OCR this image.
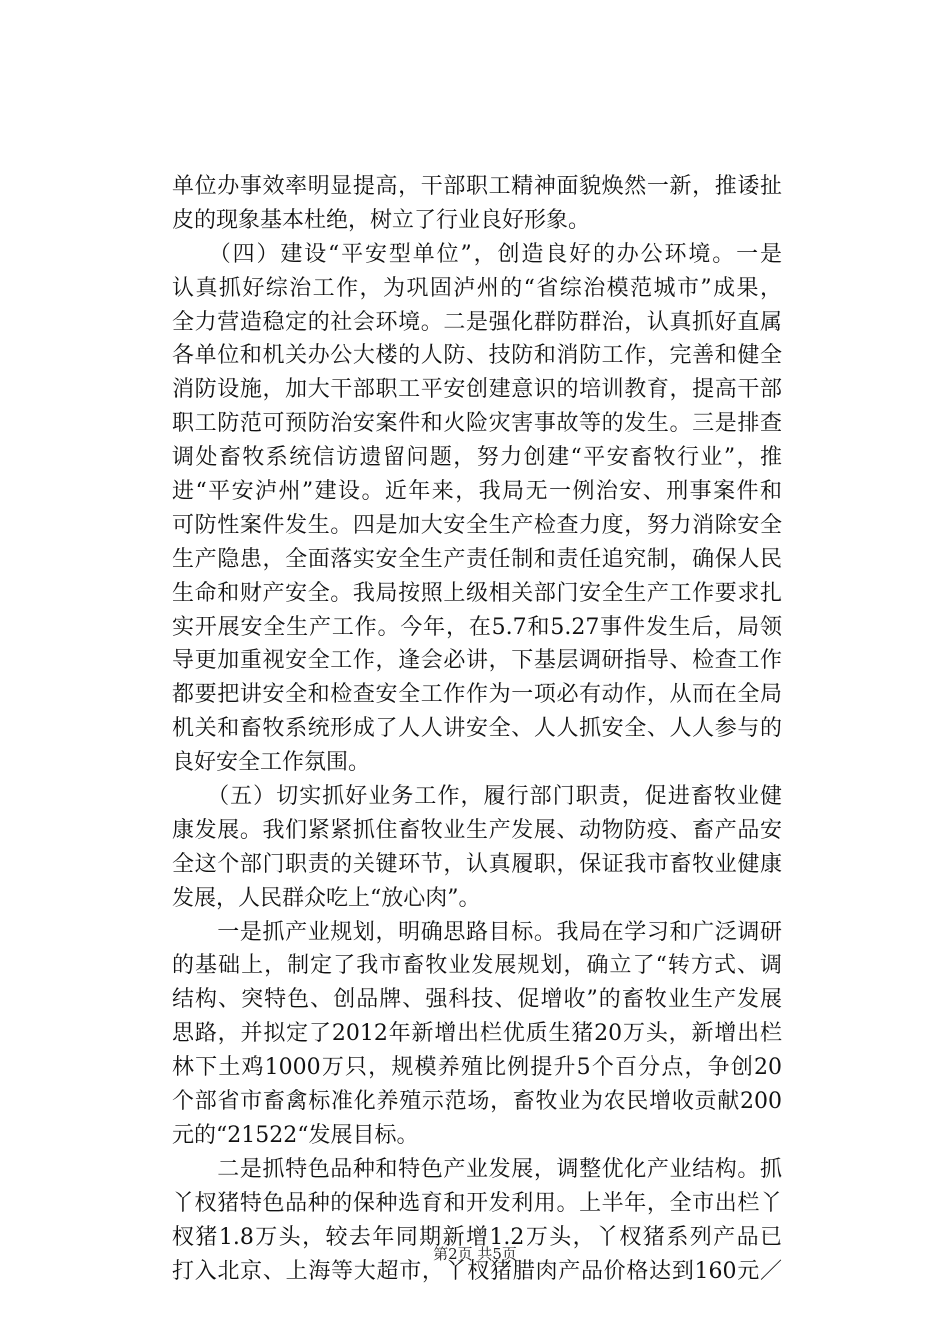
单位办事效率明显提高，干部职工精神面貌焕然一新，推诿扯
皮的现象基本杜绝，树立了行业良好形象。
　　（四）建设“平安型单位”，创造良好的办公环境。一是
认真抓好综治工作，为巩固泸州的“省综治模范城市”成果，
全力营造稳定的社会环境。二是强化群防群治，认真抓好直属
各单位和机关办公大楼的人防、技防和消防工作，完善和健全
消防设施，加大干部职工平安创建意识的培训教育，提高干部
职工防范可预防治安案件和火险灾害事故等的发生。三是排查
调处畜牧系统信访遗留问题，努力创建“平安畜牧行业”，推
进“平安泸州”建设。近年来，我局无一例治安、刑事案件和
可防性案件发生。四是加大安全生产检查力度，努力消除安全
生产隐患，全面落实安全生产责任制和责任追究制，确保人民
生命和财产安全。我局按照上级相关部门安全生产工作要求扎
实开展安全生产工作。今年，在5.7和5.27事件发生后，局领
导更加重视安全工作，逢会必讲，下基层调研指导、检查工作
都要把讲安全和检查安全工作作为一项必有动作，从而在全局
机关和畜牧系统形成了人人讲安全、人人抓安全、人人参与的
良好安全工作氛围。
　　（五）切实抓好业务工作，履行部门职责，促进畜牧业健
康发展。我们紧紧抓住畜牧业生产发展、动物防疫、畜产品安
全这个部门职责的关键环节，认真履职，保证我市畜牧业健康
发展，人民群众吃上“放心肉”。
　　一是抓产业规划，明确思路目标。我局在学习和广泛调研
的基础上，制定了我市畜牧业发展规划，确立了“转方式、调
结构、突特色、创品牌、强科技、促增收”的畜牧业生产发展
思路，并拟定了2012年新增出栏优质生猪20万头，新增出栏
林下土鸡1000万只，规模养殖比例提升5个百分点，争创20
个部省市畜禽标准化养殖示范场，畜牧业为农民增收贡献200
元的“21522“发展目标。
　　二是抓特色品种和特色产业发展，调整优化产业结构。抓
丫杈猪特色品种的保种选育和开发利用。上半年，全市出栏丫
杈猪1.8万头，较去年同期新增1.2万头，丫杈猪系列产品已
打入北京、上海等大超市，丫杈猪腊肉产品价格达到160元／
第2页 共5页
